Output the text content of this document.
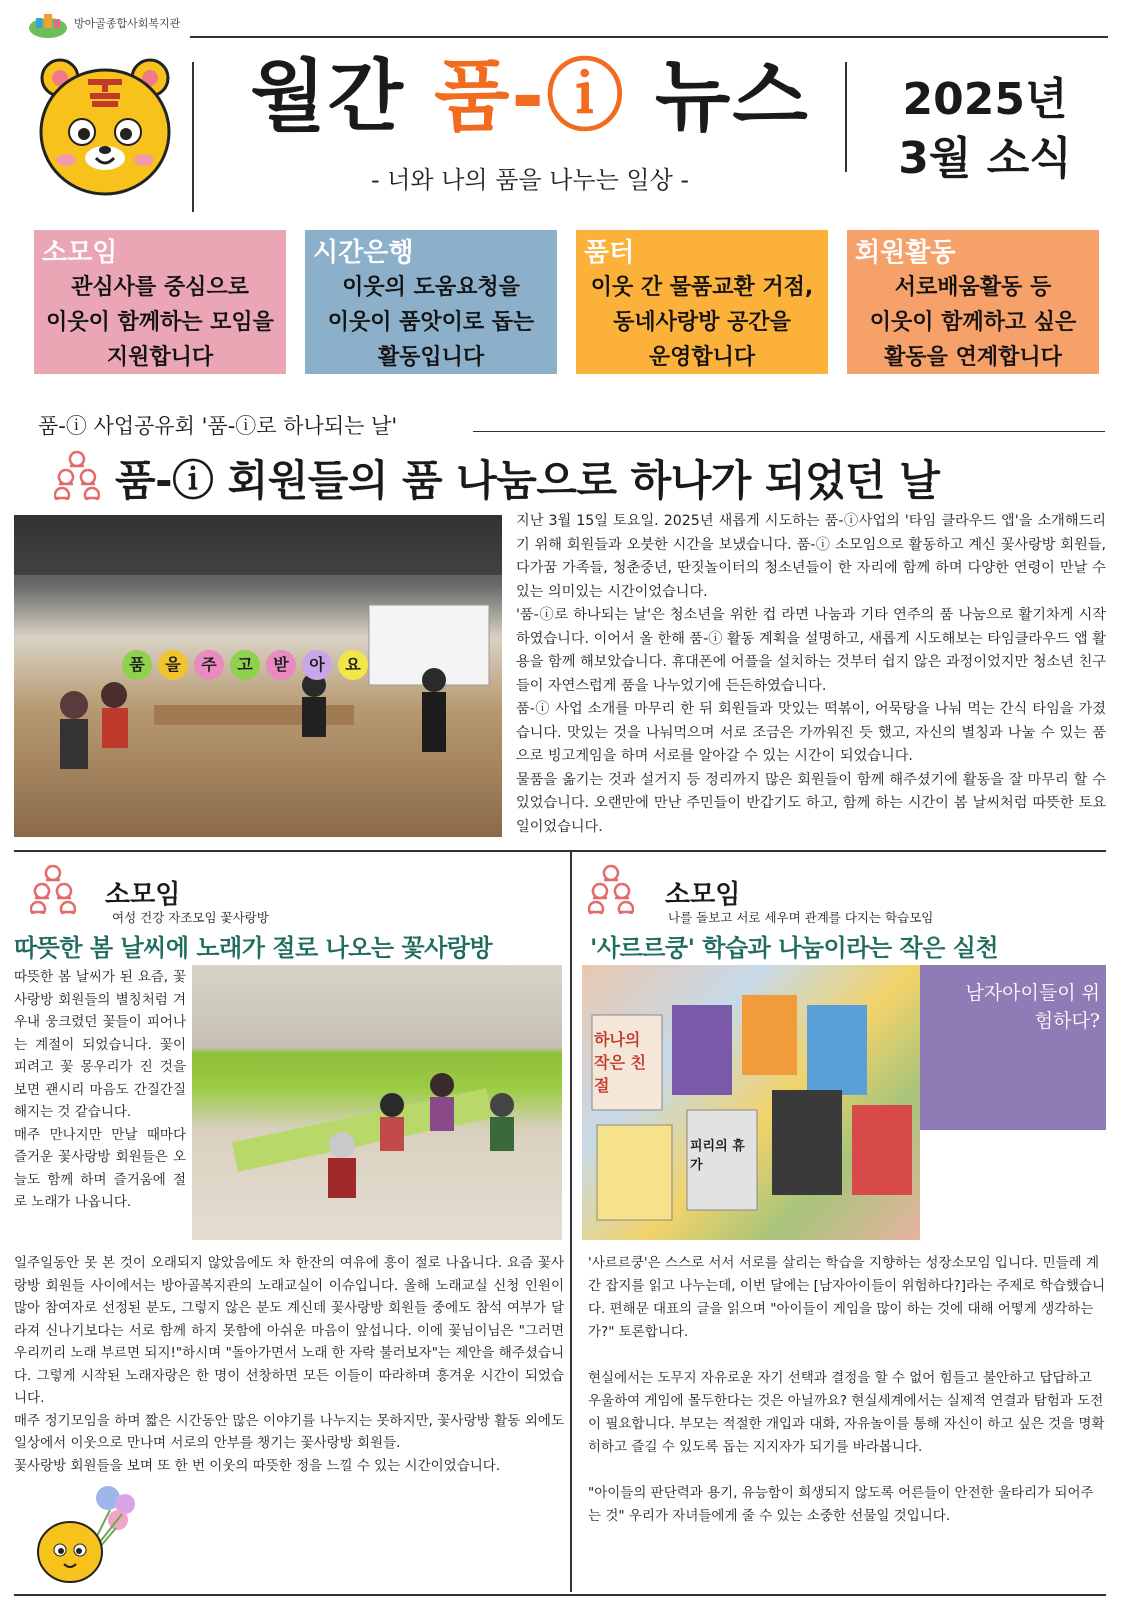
방아골종합사회복지관
월간 품-ⓘ 뉴스
- 너와 나의 품을 나누는 일상 -
2025년
3월 소식
소모임
관심사를 중심으로
이웃이 함께하는 모임을
지원합니다
시간은행
이웃의 도움요청을
이웃이 품앗이로 돕는
활동입니다
품터
이웃 간 물품교환 거점,
동네사랑방 공간을
운영합니다
회원활동
서로배움활동 등
이웃이 함께하고 싶은
활동을 연계합니다
품-ⓘ 사업공유회 '품-ⓘ로 하나되는 날'
품-ⓘ 회원들의 품 나눔으로 하나가 되었던 날
품	을	주	고	받	아	요
지난 3월 15일 토요일. 2025년 새롭게 시도하는 품-ⓘ사업의 '타임 클라우드 앱'을 소개해드리기 위해 회원들과 오붓한 시간을 보냈습니다. 품-ⓘ 소모임으로 활동하고 계신 꽃사랑방 회원들, 다가꿈 가족들, 청춘중년, 딴짓놀이터의 청소년들이 한 자리에 함께 하며 다양한 연령이 만날 수 있는 의미있는 시간이었습니다.
'품-ⓘ로 하나되는 날'은 청소년을 위한 컵 라면 나눔과 기타 연주의 품 나눔으로 활기차게 시작하였습니다. 이어서 올 한해 품-ⓘ 활동 계획을 설명하고, 새롭게 시도해보는 타임클라우드 앱 활용을 함께 해보았습니다. 휴대폰에 어플을 설치하는 것부터 쉽지 않은 과정이었지만 청소년 친구들이 자연스럽게 품을 나누었기에 든든하였습니다.
품-ⓘ 사업 소개를 마무리 한 뒤 회원들과 맛있는 떡볶이, 어묵탕을 나눠 먹는 간식 타임을 가졌습니다. 맛있는 것을 나눠먹으며 서로 조금은 가까워진 듯 했고, 자신의 별칭과 나눌 수 있는 품으로 빙고게임을 하며 서로를 알아갈 수 있는 시간이 되었습니다.
물품을 옮기는 것과 설거지 등 정리까지 많은 회원들이 함께 해주셨기에 활동을 잘 마무리 할 수 있었습니다. 오랜만에 만난 주민들이 반갑기도 하고, 함께 하는 시간이 봄 날씨처럼 따뜻한 토요일이었습니다.
소모임
여성 건강 자조모임 꽃사랑방
따뜻한 봄 날씨에 노래가 절로 나오는 꽃사랑방
따뜻한 봄 날씨가 된 요즘, 꽃사랑방 회원들의 별칭처럼 겨우내 웅크렸던 꽃들이 피어나는 계절이 되었습니다. 꽃이 피려고 꽃 몽우리가 진 것을 보면 괜시리 마음도 간질간질해지는 것 같습니다.
매주 만나지만 만날 때마다 즐거운 꽃사랑방 회원들은 오늘도 함께 하며 즐거움에 절로 노래가 나옵니다.
일주일동안 못 본 것이 오래되지 않았음에도 차 한잔의 여유에 흥이 절로 나옵니다. 요즘 꽃사랑방 회원들 사이에서는 방아골복지관의 노래교실이 이슈입니다. 올해 노래교실 신청 인원이 많아 참여자로 선정된 분도, 그렇지 않은 분도 계신데 꽃사랑방 회원들 중에도 참석 여부가 달라져 신나기보다는 서로 함께 하지 못함에 아쉬운 마음이 앞섭니다. 이에 꽃님이님은 "그러면 우리끼리 노래 부르면 되지!"하시며 "돌아가면서 노래 한 자락 불러보자"는 제안을 해주셨습니다. 그렇게 시작된 노래자랑은 한 명이 선창하면 모든 이들이 따라하며 흥겨운 시간이 되었습니다.
매주 정기모임을 하며 짧은 시간동안 많은 이야기를 나누지는 못하지만, 꽃사랑방 활동 외에도 일상에서 이웃으로 만나며 서로의 안부를 챙기는 꽃사랑방 회원들.
꽃사랑방 회원들을 보며 또 한 번 이웃의 따뜻한 정을 느낄 수 있는 시간이었습니다.
소모임
나를 돌보고 서로 세우며 관계를 다지는 학습모임
'사르르쿵' 학습과 나눔이라는 작은 실천
하나의 작은 친절
피리의 휴가
남자아이들이 위험하다?
'사르르쿵'은 스스로 서서 서로를 살리는 학습을 지향하는 성장소모임 입니다. 민들레 계간 잡지를 읽고 나누는데, 이번 달에는 [남자아이들이 위험하다?]라는 주제로 학습했습니다. 편해문 대표의 글을 읽으며 "아이들이 게임을 많이 하는 것에 대해 어떻게 생각하는가?" 토론합니다.
현실에서는 도무지 자유로운 자기 선택과 결정을 할 수 없어 힘들고 불안하고 답답하고 우울하여 게임에 몰두한다는 것은 아닐까요? 현실세계에서는 실제적 연결과 탐험과 도전이 필요합니다. 부모는 적절한 개입과 대화, 자유놀이를 통해 자신이 하고 싶은 것을 명확히하고 즐길 수 있도록 돕는 지지자가 되기를 바라봅니다.
"아이들의 판단력과 용기, 유능함이 희생되지 않도록 어른들이 안전한 울타리가 되어주는 것" 우리가 자녀들에게 줄 수 있는 소중한 선물일 것입니다.
